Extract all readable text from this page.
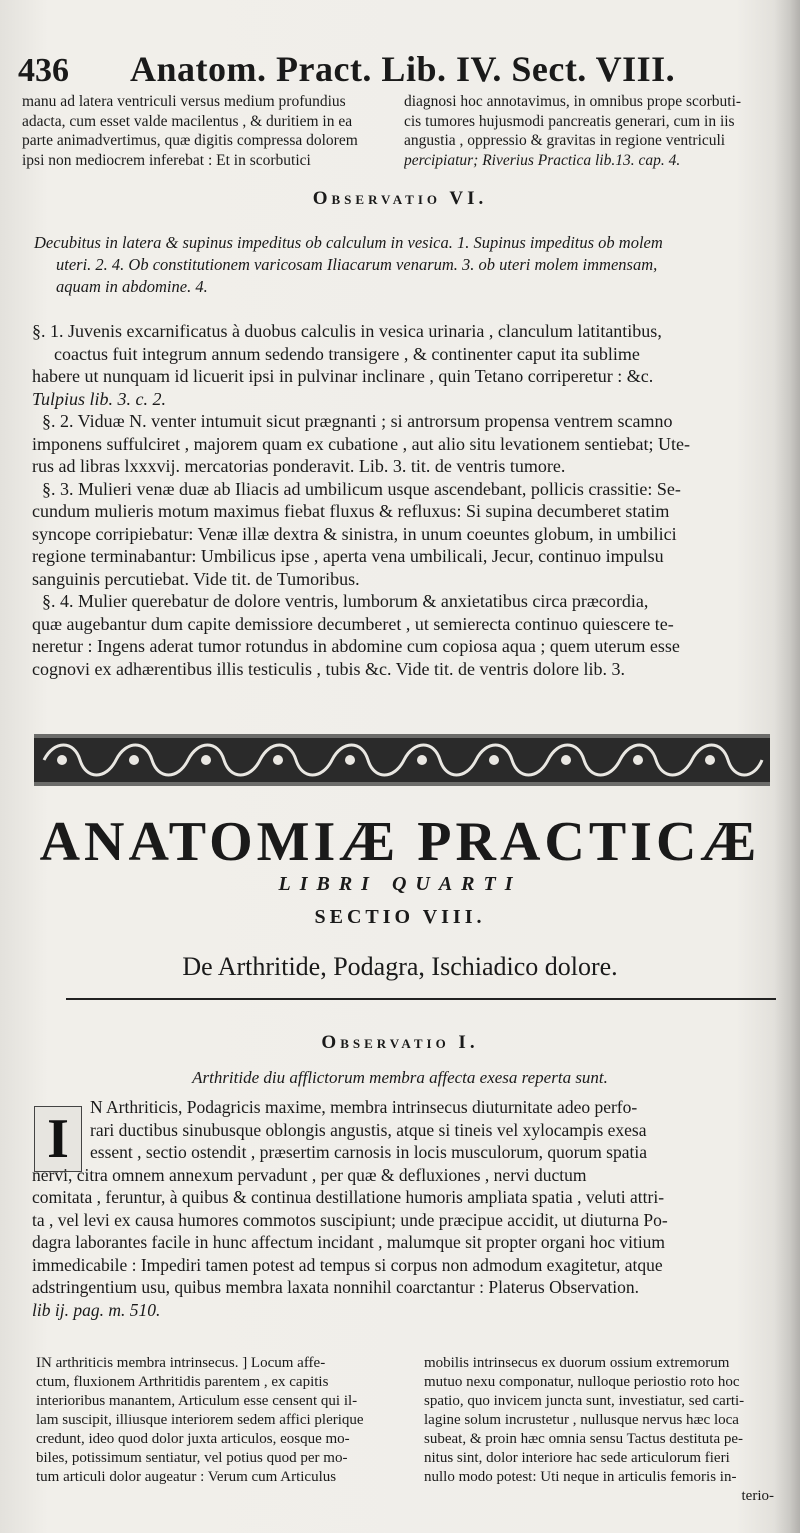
436 Anatom. Pract. Lib. IV. Sect. VIII.
manu ad latera ventriculi versus medium profundius
adacta, cum esset valde macilentus , & duritiem in ea
parte animadvertimus, quæ digitis compressa dolorem
ipsi non mediocrem inferebat : Et in scorbutici
diagnosi hoc annotavimus, in omnibus prope scorbuti-
cis tumores hujusmodi pancreatis generari, cum in iis
angustia , oppressio & gravitas in regione ventriculi
percipiatur; Riverius Practica lib.13. cap. 4.
Observatio VI.
Decubitus in latera & supinus impeditus ob calculum in vesica. 1. Supinus impeditus ob molem
uteri. 2. 4. Ob constitutionem varicosam Iliacarum venarum. 3. ob uteri molem immensam,
aquam in abdomine. 4.
§. 1. Juvenis excarnificatus à duobus calculis in vesica urinaria , clanculum latitantibus,
coactus fuit integrum annum sedendo transigere , & continenter caput ita sublime
habere ut nunquam id licuerit ipsi in pulvinar inclinare , quin Tetano corriperetur : &c.
Tulpius lib. 3. c. 2.
§. 2. Viduæ N. venter intumuit sicut prægnanti ; si antrorsum propensa ventrem scamno
imponens suffulciret , majorem quam ex cubatione , aut alio situ levationem sentiebat; Ute-
rus ad libras lxxxvij. mercatorias ponderavit. Lib. 3. tit. de ventris tumore.
§. 3. Mulieri venæ duæ ab Iliacis ad umbilicum usque ascendebant, pollicis crassitie: Se-
cundum mulieris motum maximus fiebat fluxus & refluxus: Si supina decumberet statim
syncope corripiebatur: Venæ illæ dextra & sinistra, in unum coeuntes globum, in umbilici
regione terminabantur: Umbilicus ipse , aperta vena umbilicali, Jecur, continuo impulsu
sanguinis percutiebat. Vide tit. de Tumoribus.
§. 4. Mulier querebatur de dolore ventris, lumborum & anxietatibus circa præcordia,
quæ augebantur dum capite demissiore decumberet , ut semierecta continuo quiescere te-
neretur : Ingens aderat tumor rotundus in abdomine cum copiosa aqua ; quem uterum esse
cognovi ex adhærentibus illis testiculis , tubis &c. Vide tit. de ventris dolore lib. 3.
ANATOMIÆ PRACTICÆ
LIBRI QUARTI
SECTIO VIII.
De Arthritide, Podagra, Ischiadico dolore.
Observatio I.
Arthritide diu afflictorum membra affecta exesa reperta sunt.
I
N Arthriticis, Podagricis maxime, membra intrinsecus diuturnitate adeo perfo-
rari ductibus sinubusque oblongis angustis, atque si tineis vel xylocampis exesa
essent , sectio ostendit , præsertim carnosis in locis musculorum, quorum spatia
nervi, citra omnem annexum pervadunt , per quæ & defluxiones , nervi ductum
comitata , feruntur, à quibus & continua destillatione humoris ampliata spatia , veluti attri-
ta , vel levi ex causa humores commotos suscipiunt; unde præcipue accidit, ut diuturna Po-
dagra laborantes facile in hunc affectum incidant , malumque sit propter organi hoc vitium
immedicabile : Impediri tamen potest ad tempus si corpus non admodum exagitetur, atque
adstringentium usu, quibus membra laxata nonnihil coarctantur : Platerus Observation.
lib ij. pag. m. 510.
IN arthriticis membra intrinsecus. ] Locum affe-
ctum, fluxionem Arthritidis parentem , ex capitis
interioribus manantem, Articulum esse censent qui il-
lam suscipit, illiusque interiorem sedem affici plerique
credunt, ideo quod dolor juxta articulos, eosque mo-
biles, potissimum sentiatur, vel potius quod per mo-
tum articuli dolor augeatur : Verum cum Articulus
mobilis intrinsecus ex duorum ossium extremorum
mutuo nexu componatur, nulloque periostio roto hoc
spatio, quo invicem juncta sunt, investiatur, sed carti-
lagine solum incrustetur , nullusque nervus hæc loca
subeat, & proin hæc omnia sensu Tactus destituta pe-
nitus sint, dolor interiore hac sede articulorum fieri
nullo modo potest: Uti neque in articulis femoris in-
terio-
